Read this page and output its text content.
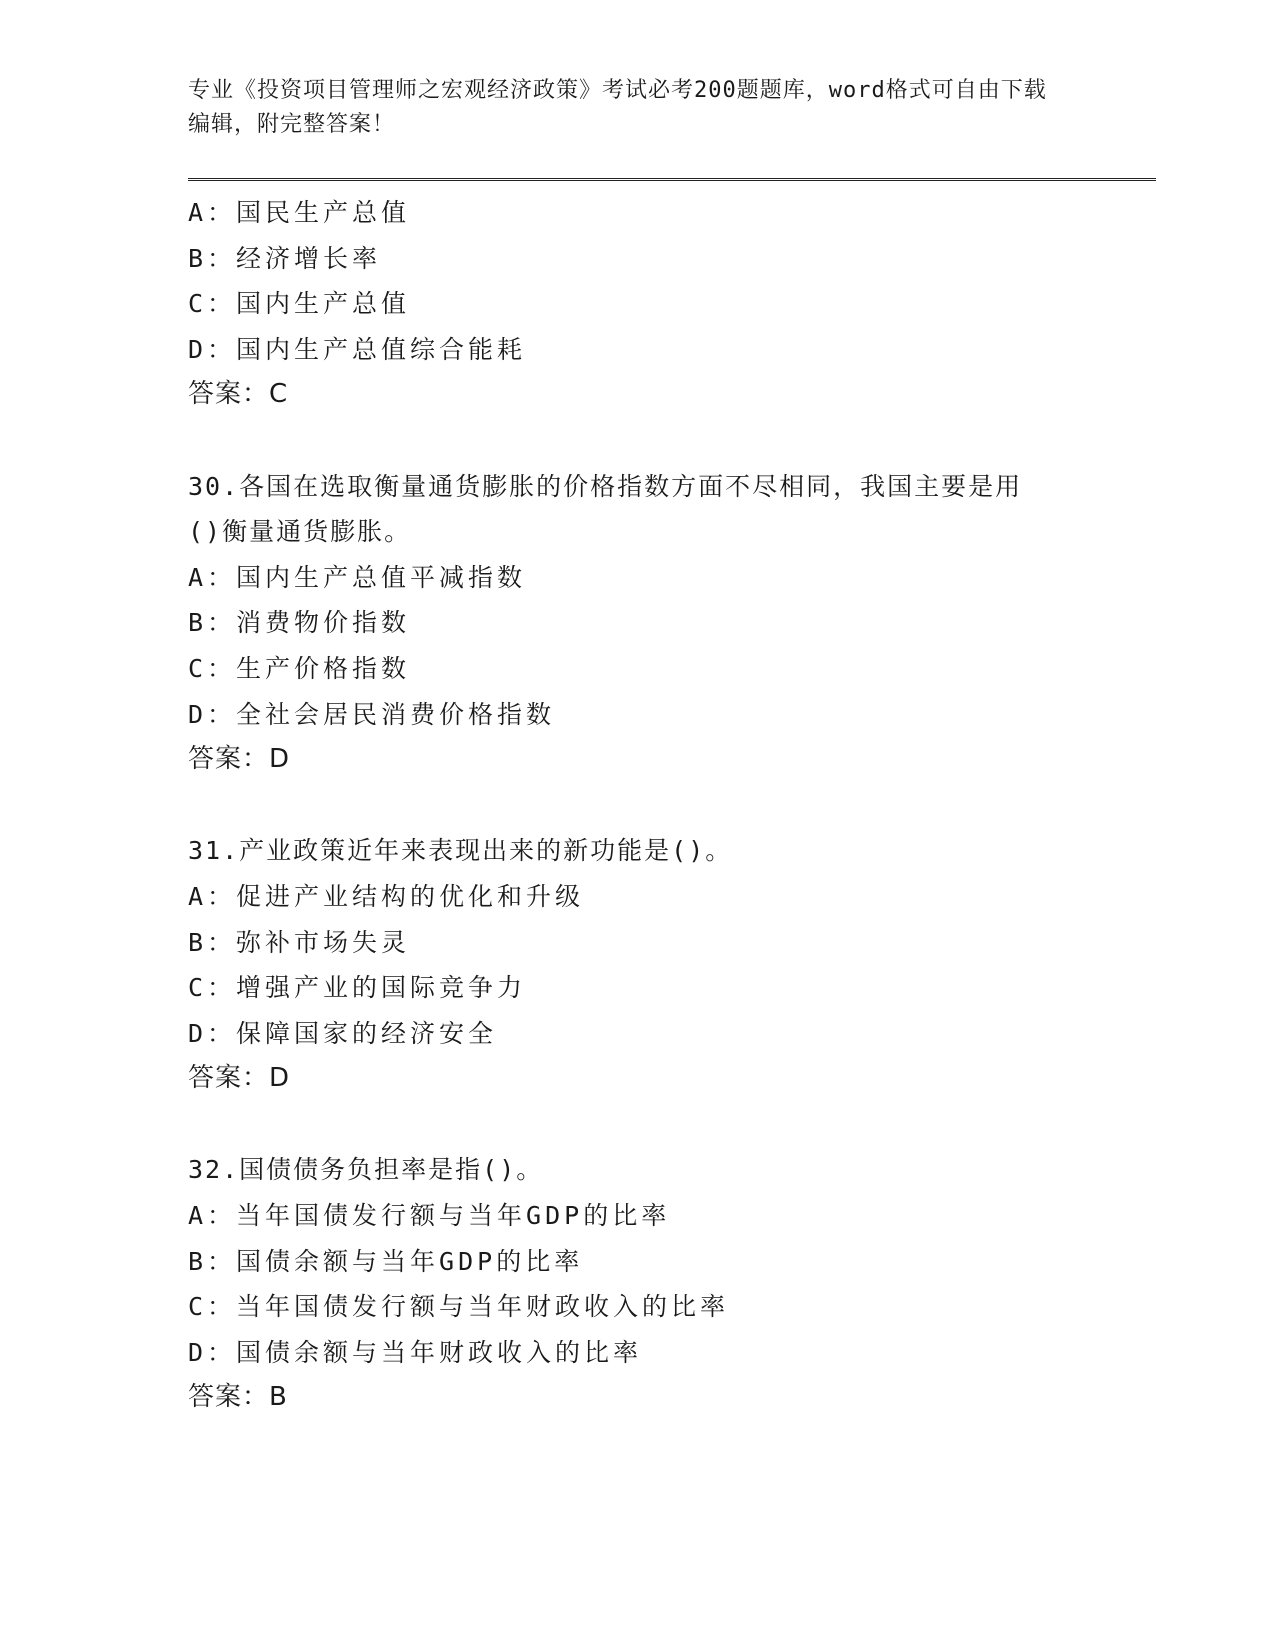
专业《投资项目管理师之宏观经济政策》考试必考200题题库，word格式可自由下载编辑，附完整答案！
A：国民生产总值
B：经济增长率
C：国内生产总值
D：国内生产总值综合能耗
答案：C
30.各国在选取衡量通货膨胀的价格指数方面不尽相同，我国主要是用
()衡量通货膨胀。
A：国内生产总值平减指数
B：消费物价指数
C：生产价格指数
D：全社会居民消费价格指数
答案：D
31.产业政策近年来表现出来的新功能是()。
A：促进产业结构的优化和升级
B：弥补市场失灵
C：增强产业的国际竞争力
D：保障国家的经济安全
答案：D
32.国债债务负担率是指()。
A：当年国债发行额与当年GDP的比率
B：国债余额与当年GDP的比率
C：当年国债发行额与当年财政收入的比率
D：国债余额与当年财政收入的比率
答案：B
